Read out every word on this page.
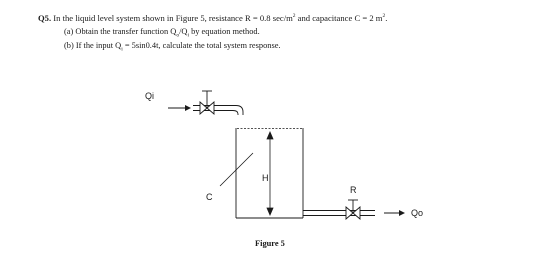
Q5. In the liquid level system shown in Figure 5, resistance R = 0.8 $\sec/m^2$ and capacitance C = 2 $m^2$.
(a) Obtain the transfer function $Q_o/Q_i$ by equation method.
(b) If the input $Q_i = 5\sin 0.4t$, calculate the total system response.
Qi
H
C
R
Qo
Figure 5
